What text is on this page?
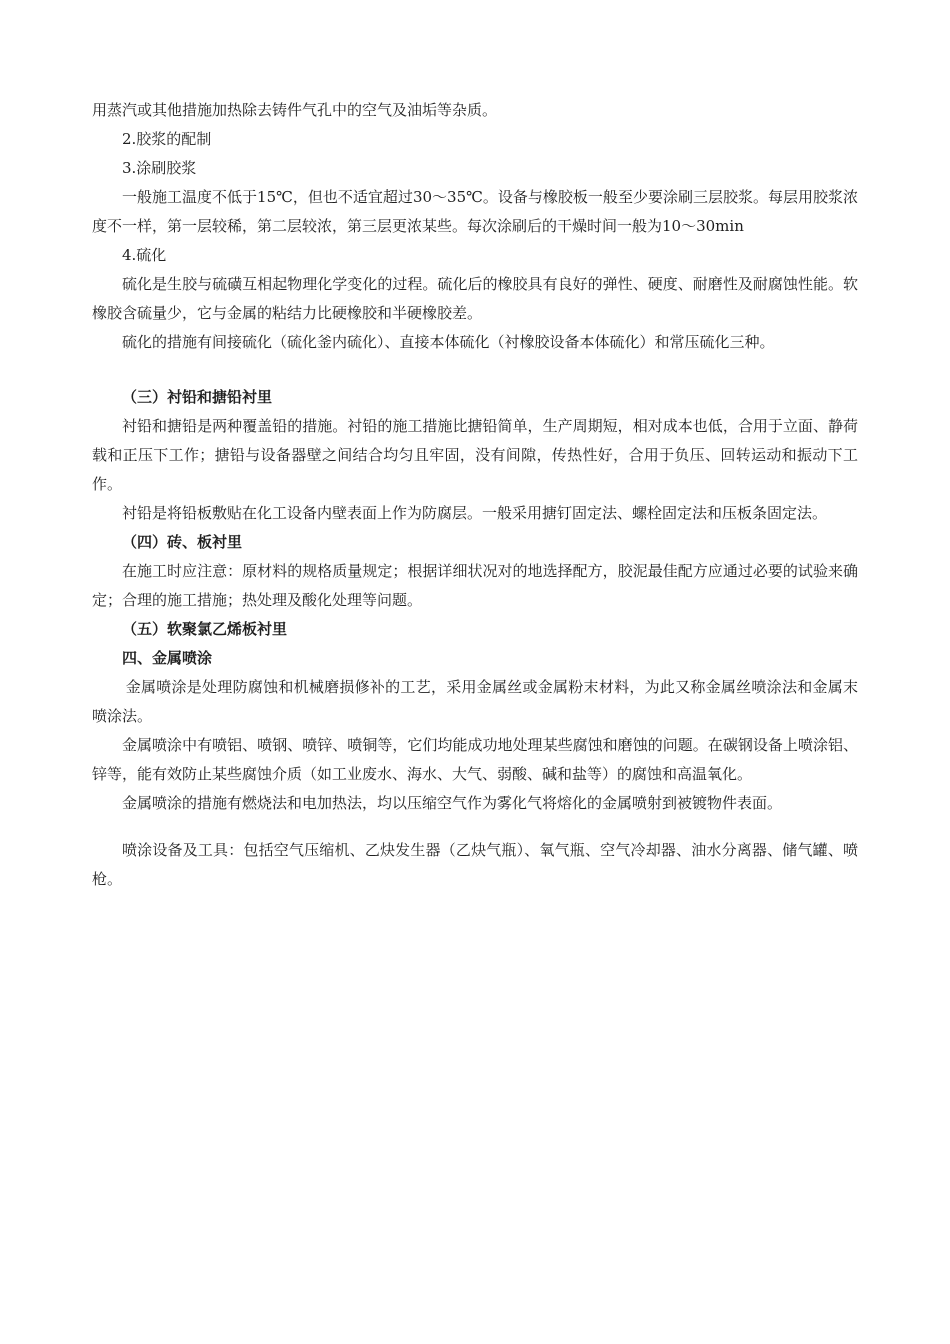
用蒸汽或其他措施加热除去铸件气孔中的空气及油垢等杂质。

2.胶浆的配制

3.涂刷胶浆

一般施工温度不低于15℃，但也不适宜超过30～35℃。设备与橡胶板一般至少要涂刷三层胶浆。每层用胶浆浓度不一样，第一层较稀，第二层较浓，第三层更浓某些。每次涂刷后的干燥时间一般为10～30min

4.硫化

硫化是生胶与硫磺互相起物理化学变化的过程。硫化后的橡胶具有良好的弹性、硬度、耐磨性及耐腐蚀性能。软橡胶含硫量少，它与金属的粘结力比硬橡胶和半硬橡胶差。

硫化的措施有间接硫化（硫化釜内硫化）、直接本体硫化（衬橡胶设备本体硫化）和常压硫化三种。

（三）衬铅和搪铅衬里

衬铅和搪铅是两种覆盖铅的措施。衬铅的施工措施比搪铅简单，生产周期短，相对成本也低，合用于立面、静荷载和正压下工作；搪铅与设备器壁之间结合均匀且牢固，没有间隙，传热性好，合用于负压、回转运动和振动下工作。

衬铅是将铅板敷贴在化工设备内壁表面上作为防腐层。一般采用搪钉固定法、螺栓固定法和压板条固定法。

（四）砖、板衬里

在施工时应注意：原材料的规格质量规定；根据详细状况对的地选择配方，胶泥最佳配方应通过必要的试验来确定；合理的施工措施；热处理及酸化处理等问题。

（五）软聚氯乙烯板衬里

四、金属喷涂

金属喷涂是处理防腐蚀和机械磨损修补的工艺，采用金属丝或金属粉末材料，为此又称金属丝喷涂法和金属末喷涂法。

金属喷涂中有喷铝、喷钢、喷锌、喷铜等，它们均能成功地处理某些腐蚀和磨蚀的问题。在碳钢设备上喷涂铝、锌等，能有效防止某些腐蚀介质（如工业废水、海水、大气、弱酸、碱和盐等）的腐蚀和高温氧化。

金属喷涂的措施有燃烧法和电加热法，均以压缩空气作为雾化气将熔化的金属喷射到被镀物件表面。

喷涂设备及工具：包括空气压缩机、乙炔发生器（乙炔气瓶）、氧气瓶、空气冷却器、油水分离器、储气罐、喷枪。
